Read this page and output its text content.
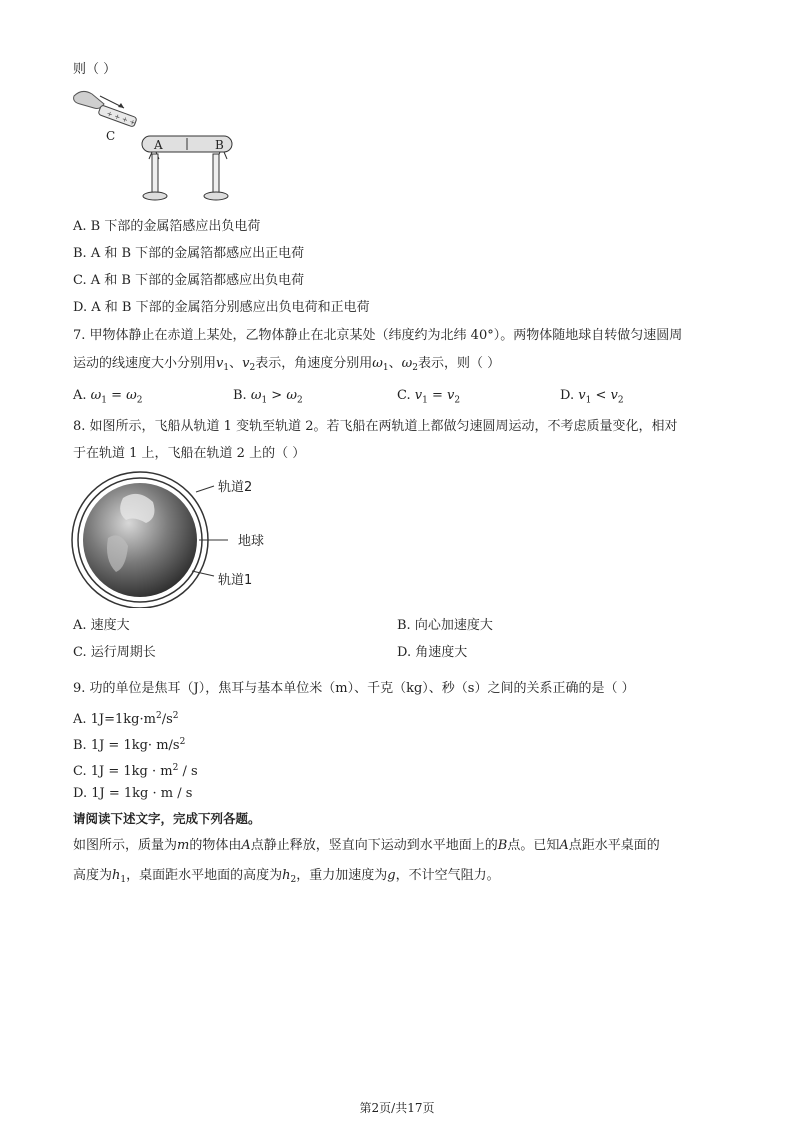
则（ ）
+ + + +
C
A	B
A. B 下部的金属箔感应出负电荷
B. A 和 B 下部的金属箔都感应出正电荷
C. A 和 B 下部的金属箔都感应出负电荷
D. A 和 B 下部的金属箔分别感应出负电荷和正电荷
7. 甲物体静止在赤道上某处，乙物体静止在北京某处（纬度约为北纬 40°）。两物体随地球自转做匀速圆周
运动的线速度大小分别用$v_1$、$v_2$表示，角速度分别用$\omega_1$、$\omega_2$表示，则（ ）
A. $\omega_1 = \omega_2$	B. $\omega_1 > \omega_2$	C. $v_1 = v_2$	D. $v_1 < v_2$
8. 如图所示，飞船从轨道 1 变轨至轨道 2。若飞船在两轨道上都做匀速圆周运动，不考虑质量变化，相对
于在轨道 1 上，飞船在轨道 2 上的（ ）
轨道2
地球
轨道1
A. 速度大	B. 向心加速度大
C. 运行周期长	D. 角速度大
9. 功的单位是焦耳（J），焦耳与基本单位米（m）、千克（kg）、秒（s）之间的关系正确的是（ ）
A. $1J=1kg\cdot m^2/s^2$
B. $1J = 1kg\cdot m/s^2$
C. $1J = 1kg \cdot m^2 / s$
D. 1J = 1kg · m / s
请阅读下述文字，完成下列各题。
如图所示，质量为m的物体由A点静止释放，竖直向下运动到水平地面上的B点。已知A点距水平桌面的
高度为$h_1$，桌面距水平地面的高度为$h_2$，重力加速度为g，不计空气阻力。
第2页/共17页
